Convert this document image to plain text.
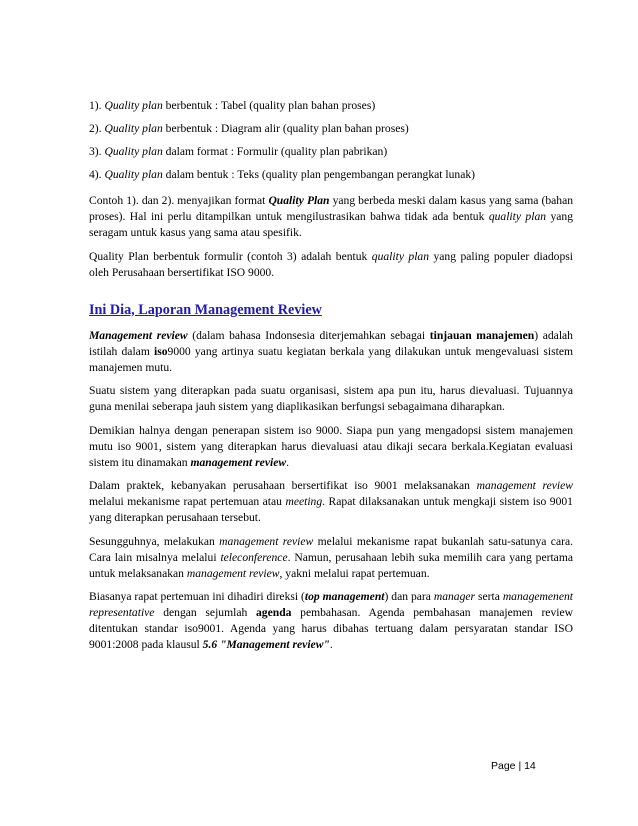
1). Quality plan berbentuk : Tabel (quality plan bahan proses)
2). Quality plan berbentuk : Diagram alir (quality plan bahan proses)
3). Quality plan dalam format : Formulir (quality plan pabrikan)
4). Quality plan dalam bentuk : Teks (quality plan pengembangan perangkat lunak)

Contoh 1). dan 2). menyajikan format Quality Plan yang berbeda meski dalam kasus yang sama (bahan proses). Hal ini perlu ditampilkan untuk mengilustrasikan bahwa tidak ada bentuk quality plan yang seragam untuk kasus yang sama atau spesifik.

Quality Plan berbentuk formulir (contoh 3) adalah bentuk quality plan yang paling populer diadopsi oleh Perusahaan bersertifikat ISO 9000.

Ini Dia, Laporan Management Review

Management review (dalam bahasa Indonsesia diterjemahkan sebagai tinjauan manajemen) adalah istilah dalam iso9000 yang artinya suatu kegiatan berkala yang dilakukan untuk mengevaluasi sistem manajemen mutu.

Suatu sistem yang diterapkan pada suatu organisasi, sistem apa pun itu, harus dievaluasi. Tujuannya guna menilai seberapa jauh sistem yang diaplikasikan berfungsi sebagaimana diharapkan.

Demikian halnya dengan penerapan sistem iso 9000. Siapa pun yang mengadopsi sistem manajemen mutu iso 9001, sistem yang diterapkan harus dievaluasi atau dikaji secara berkala.Kegiatan evaluasi sistem itu dinamakan management review.

Dalam praktek, kebanyakan perusahaan bersertifikat iso 9001 melaksanakan management review melalui mekanisme rapat pertemuan atau meeting. Rapat dilaksanakan untuk mengkaji sistem iso 9001 yang diterapkan perusahaan tersebut.

Sesungguhnya, melakukan management review melalui mekanisme rapat bukanlah satu-satunya cara. Cara lain misalnya melalui teleconference. Namun, perusahaan lebih suka memilih cara yang pertama untuk melaksanakan management review, yakni melalui rapat pertemuan.

Biasanya rapat pertemuan ini dihadiri direksi (top management) dan para manager serta managemenent representative dengan sejumlah agenda pembahasan. Agenda pembahasan manajemen review ditentukan standar iso9001. Agenda yang harus dibahas tertuang dalam persyaratan standar ISO 9001:2008 pada klausul 5.6 "Management review".

Page | 14
